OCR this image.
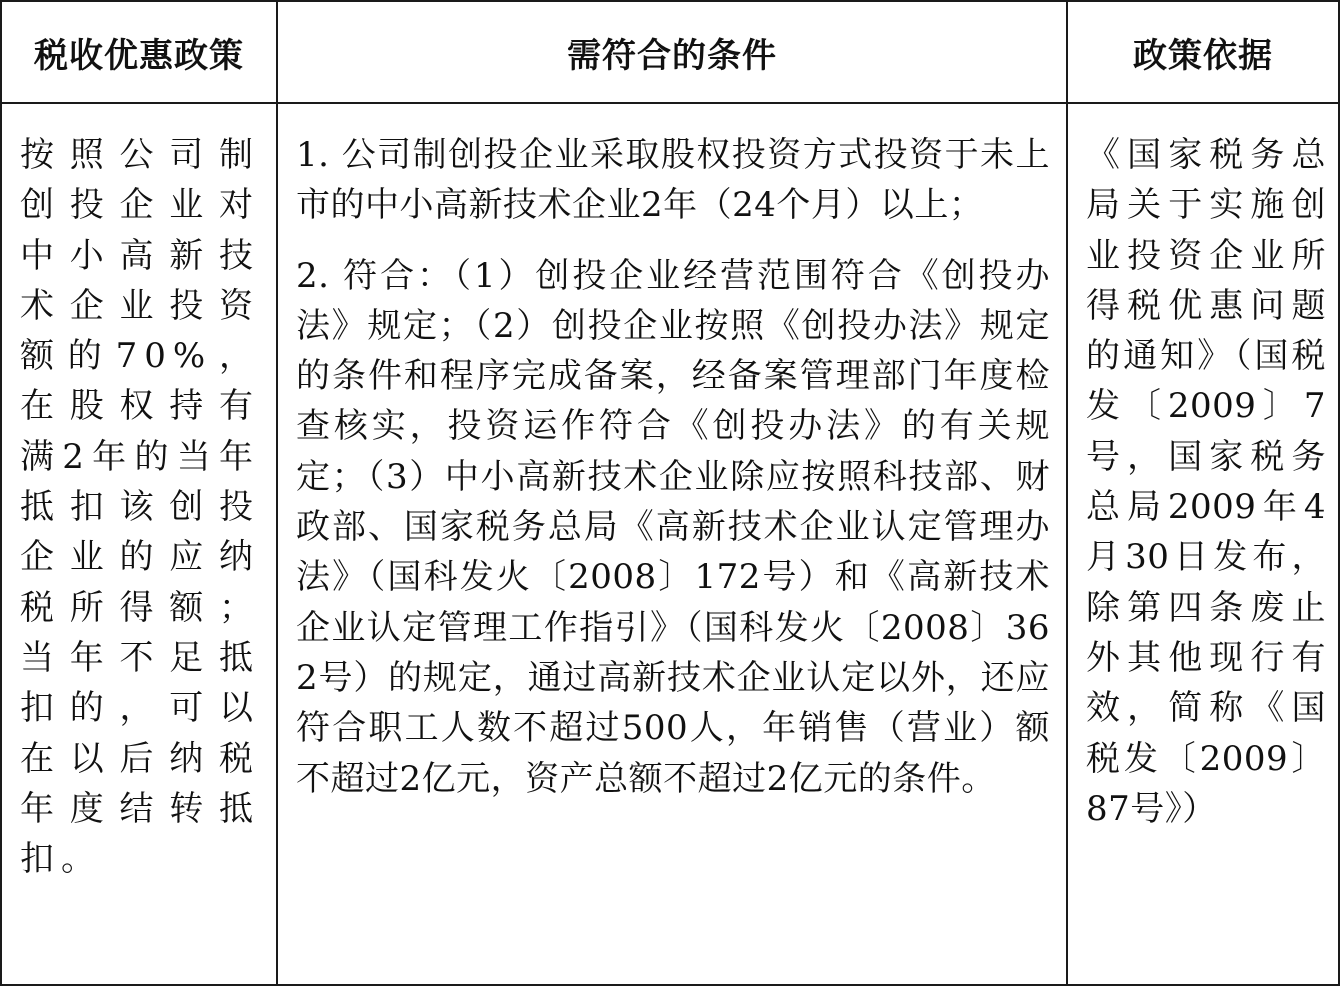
税收优惠政策	需符合的条件	政策依据

按照公司制创投企业对中小高新技术企业投资额的70%，在股权持有满2年的当年抵扣该创投企业的应纳税所得额；当年不足抵扣的，可以在以后纳税年度结转抵扣。

1. 公司制创投企业采取股权投资方式投资于未上市的中小高新技术企业2年（24个月）以上；

2. 符合：（1）创投企业经营范围符合《创投办法》规定；（2）创投企业按照《创投办法》规定的条件和程序完成备案，经备案管理部门年度检查核实，投资运作符合《创投办法》的有关规定；（3）中小高新技术企业除应按照科技部、财政部、国家税务总局《高新技术企业认定管理办法》（国科发火〔2008〕172号）和《高新技术企业认定管理工作指引》（国科发火〔2008〕362号）的规定，通过高新技术企业认定以外，还应符合职工人数不超过500人，年销售（营业）额不超过2亿元，资产总额不超过2亿元的条件。

《国家税务总局关于实施创业投资企业所得税优惠问题的通知》（国税发〔2009〕7号，国家税务总局2009年4月30日发布，除第四条废止外其他现行有效，简称《国税发〔2009〕87号》）
